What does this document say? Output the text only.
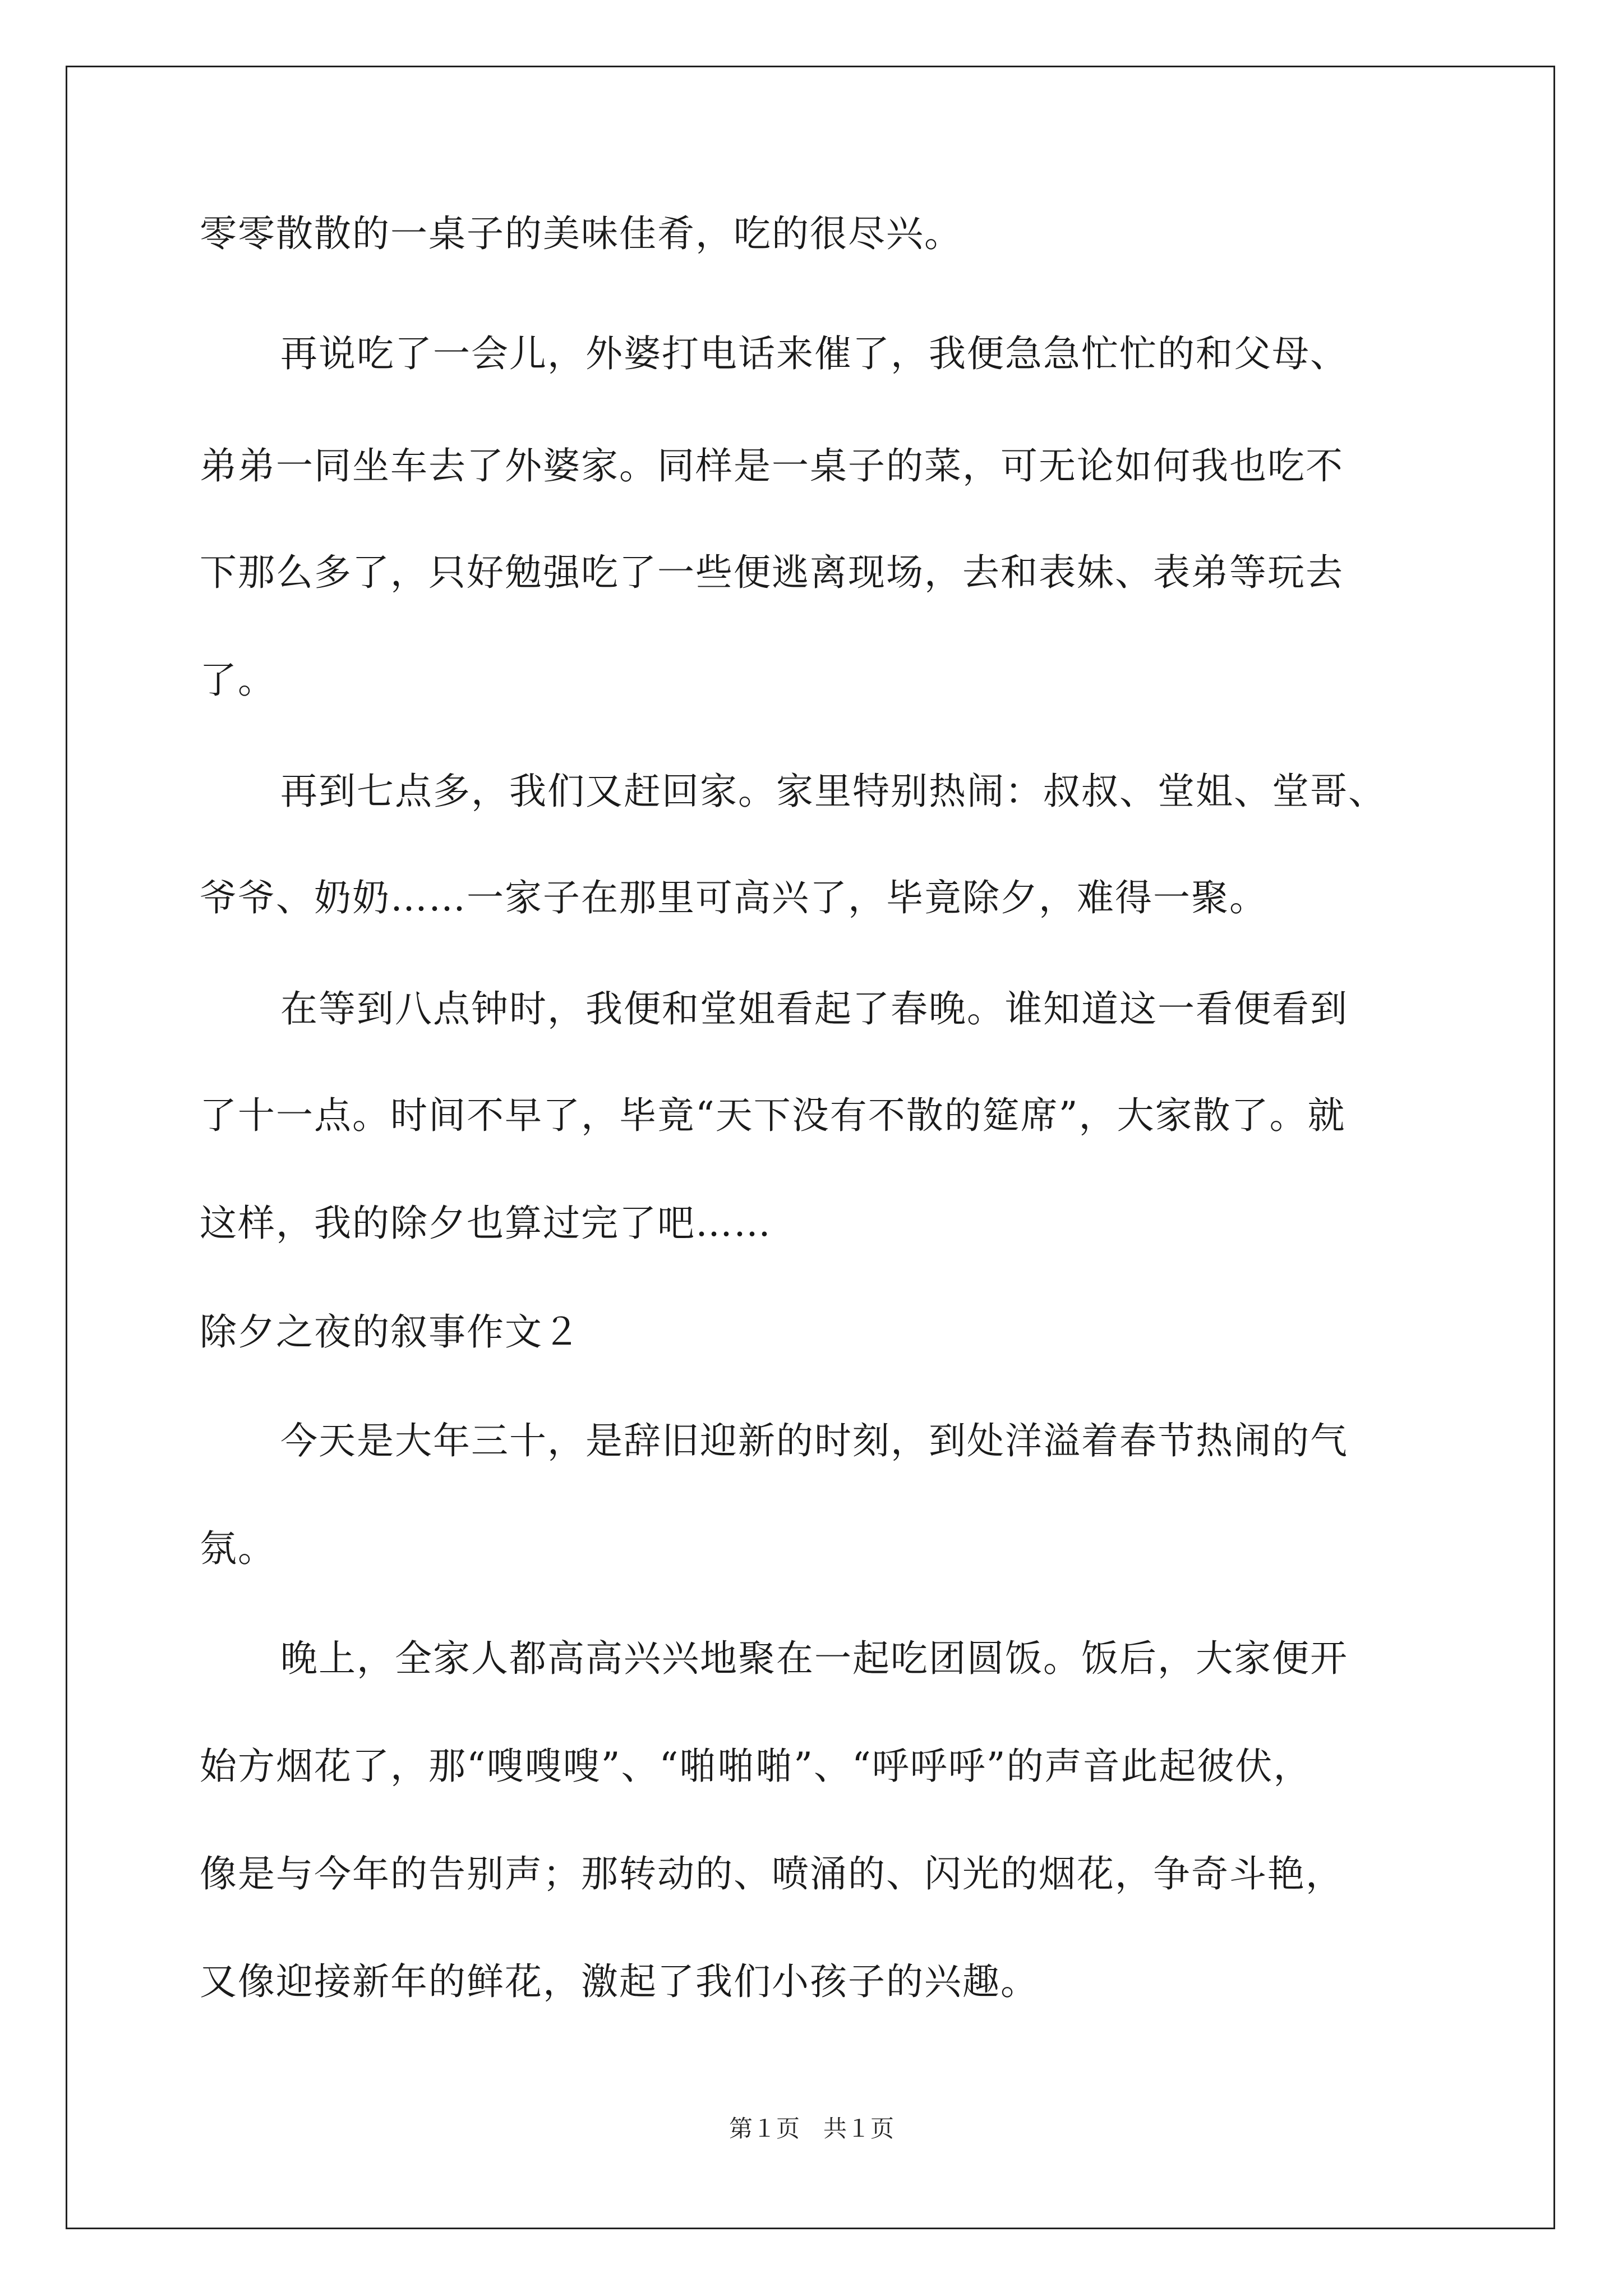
零零散散的一桌子的美味佳肴，吃的很尽兴。
再说吃了一会儿，外婆打电话来催了，我便急急忙忙的和父母、
弟弟一同坐车去了外婆家。同样是一桌子的菜，可无论如何我也吃不
下那么多了，只好勉强吃了一些便逃离现场，去和表妹、表弟等玩去
了。
再到七点多，我们又赶回家。家里特别热闹：叔叔、堂姐、堂哥、
爷爷、奶奶……一家子在那里可高兴了，毕竟除夕，难得一聚。
在等到八点钟时，我便和堂姐看起了春晚。谁知道这一看便看到
了十一点。时间不早了，毕竟“天下没有不散的筵席”，大家散了。就
这样，我的除夕也算过完了吧……
除夕之夜的叙事作文２
今天是大年三十，是辞旧迎新的时刻，到处洋溢着春节热闹的气
氛。
晚上，全家人都高高兴兴地聚在一起吃团圆饭。饭后，大家便开
始方烟花了，那“嗖嗖嗖”、“啪啪啪”、“呼呼呼”的声音此起彼伏，
像是与今年的告别声；那转动的、喷涌的、闪光的烟花，争奇斗艳，
又像迎接新年的鲜花，激起了我们小孩子的兴趣。
第１页　共１页
